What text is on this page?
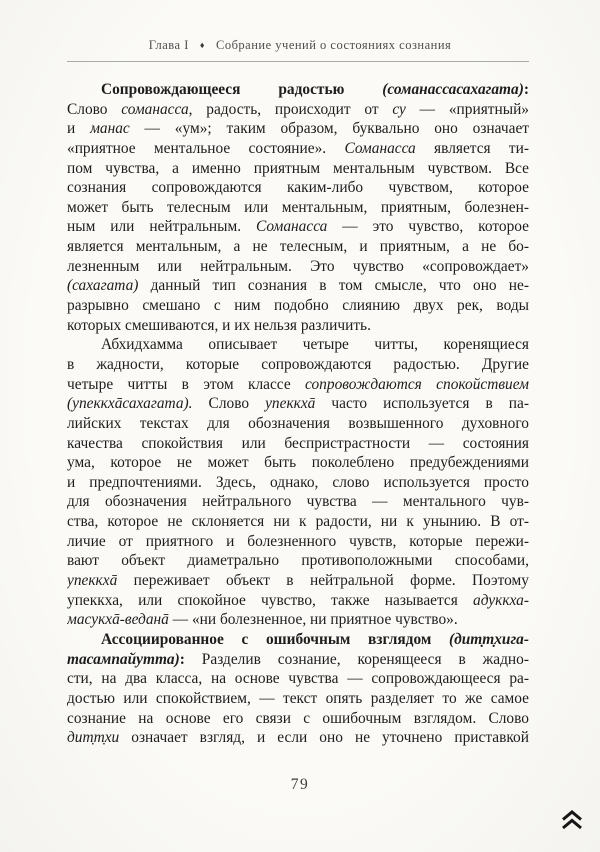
Глава I ♦ Собрание учений о состояниях сознания
Сопровождающееся радостью (соманассасахагата):
Слово соманасса, радость, происходит от су — «приятный»
и манас — «ум»; таким образом, буквально оно означает
«приятное ментальное состояние». Соманасса является ти-
пом чувства, а именно приятным ментальным чувством. Все
сознания сопровождаются каким-либо чувством, которое
может быть телесным или ментальным, приятным, болезнен-
ным или нейтральным. Соманасса — это чувство, которое
является ментальным, а не телесным, и приятным, а не бо-
лезненным или нейтральным. Это чувство «сопровождает»
(сахагата) данный тип сознания в том смысле, что оно не-
разрывно смешано с ним подобно слиянию двух рек, воды
которых смешиваются, и их нельзя различить.
Абхидхамма описывает четыре читты, коренящиеся
в жадности, которые сопровождаются радостью. Другие
четыре читты в этом классе сопровождаются спокойствием
(упеккхāсахагата). Слово упеккхā часто используется в па-
лийских текстах для обозначения возвышенного духовного
качества спокойствия или беспристрастности — состояния
ума, которое не может быть поколеблено предубеждениями
и предпочтениями. Здесь, однако, слово используется просто
для обозначения нейтрального чувства — ментального чув-
ства, которое не склоняется ни к радости, ни к унынию. В от-
личие от приятного и болезненного чувств, которые пережи-
вают объект диаметрально противоположными способами,
упеккхā переживает объект в нейтральной форме. Поэтому
упеккха, или спокойное чувство, также называется адуккха-
масукхā-веданā — «ни болезненное, ни приятное чувство».
Ассоциированное с ошибочным взглядом (дит̣т̣хига-
тасампайутта): Разделив сознание, коренящееся в жадно-
сти, на два класса, на основе чувства — сопровождающееся ра-
достью или спокойствием, — текст опять разделяет то же самое
сознание на основе его связи с ошибочным взглядом. Слово
дит̣т̣хи означает взгляд, и если оно не уточнено приставкой
79
